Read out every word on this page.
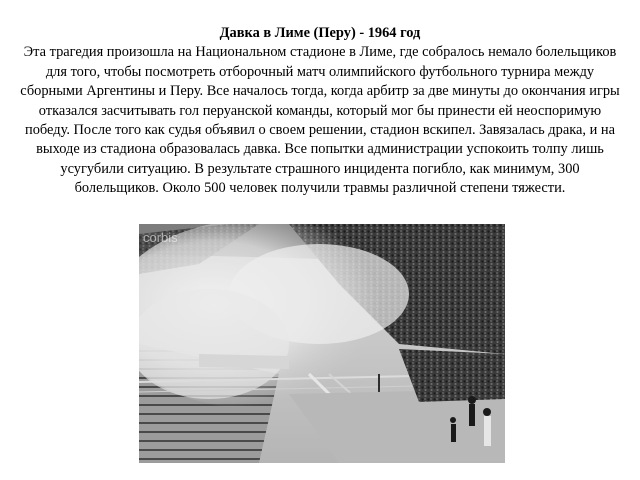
Давка в Лиме (Перу) - 1964 год
Эта трагедия произошла на Национальном стадионе в Лиме, где собралось немало болельщиков для того, чтобы посмотреть отборочный матч олимпийского футбольного турнира между сборными Аргентины и Перу. Все началось тогда, когда арбитр за две минуты до окончания игры отказался засчитывать гол перуанской команды, который мог бы принести ей неоспоримую победу. После того как судья объявил о своем решении, стадион вскипел. Завязалась драка, и на выходе из стадиона образовалась давка. Все попытки администрации успокоить толпу лишь усугубили ситуацию. В результате страшного инцидента погибло, как минимум, 300 болельщиков. Около 500 человек получили травмы различной степени тяжести.
corbis
